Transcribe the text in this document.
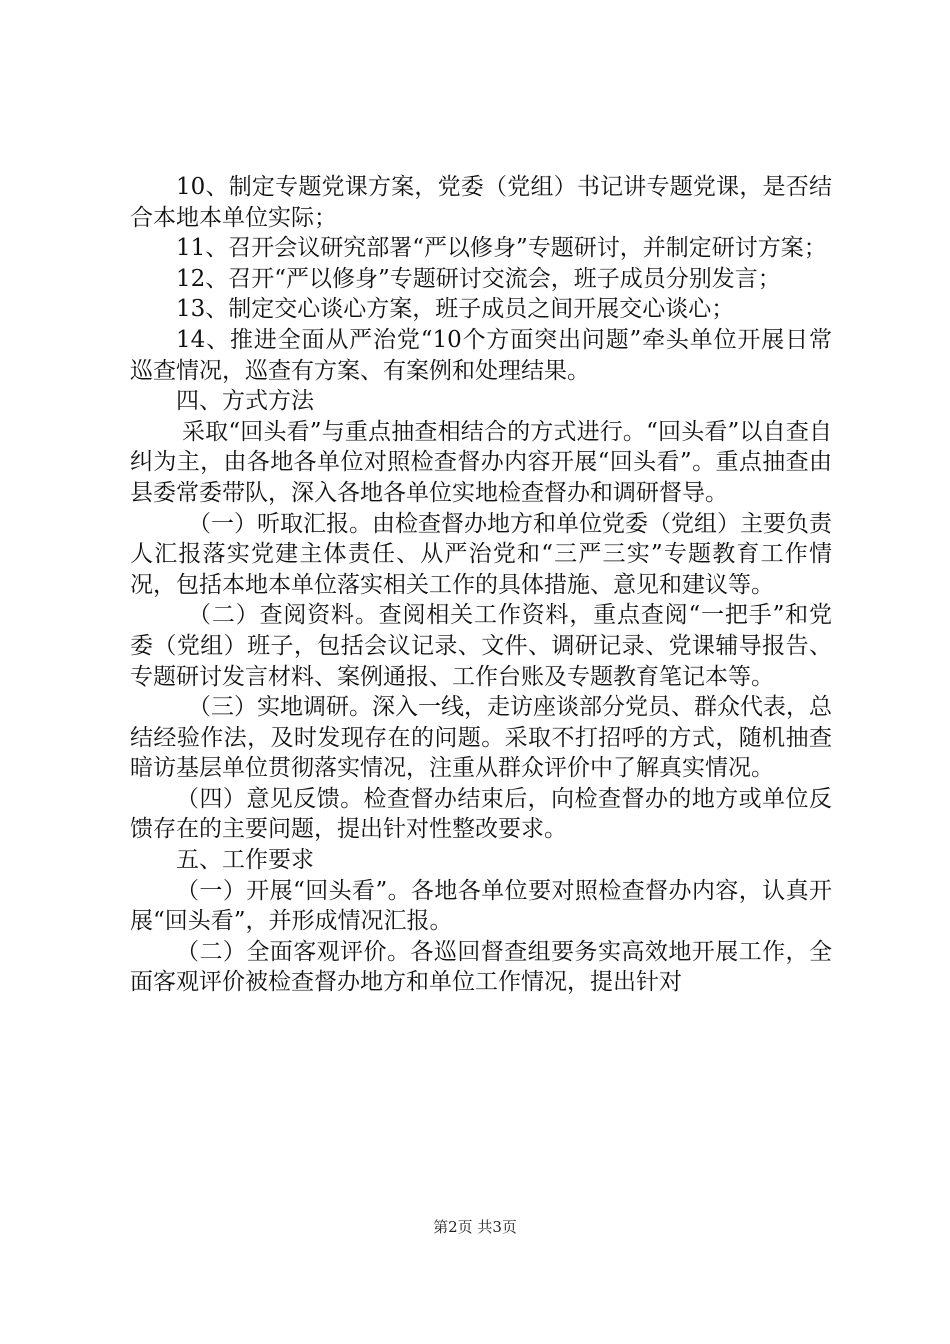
10、制定专题党课方案，党委（党组）书记讲专题党课，是否结合本地本单位实际；

11、召开会议研究部署“严以修身”专题研讨，并制定研讨方案；

12、召开“严以修身”专题研讨交流会，班子成员分别发言；

13、制定交心谈心方案，班子成员之间开展交心谈心；

14、推进全面从严治党“10个方面突出问题”牵头单位开展日常巡查情况，巡查有方案、有案例和处理结果。

四、方式方法

采取“回头看”与重点抽查相结合的方式进行。“回头看”以自查自纠为主，由各地各单位对照检查督办内容开展“回头看”。重点抽查由县委常委带队，深入各地各单位实地检查督办和调研督导。

（一）听取汇报。由检查督办地方和单位党委（党组）主要负责人汇报落实党建主体责任、从严治党和“三严三实”专题教育工作情况，包括本地本单位落实相关工作的具体措施、意见和建议等。

（二）查阅资料。查阅相关工作资料，重点查阅“一把手”和党委（党组）班子，包括会议记录、文件、调研记录、党课辅导报告、专题研讨发言材料、案例通报、工作台账及专题教育笔记本等。

（三）实地调研。深入一线，走访座谈部分党员、群众代表，总结经验作法，及时发现存在的问题。采取不打招呼的方式，随机抽查暗访基层单位贯彻落实情况，注重从群众评价中了解真实情况。

（四）意见反馈。检查督办结束后，向检查督办的地方或单位反馈存在的主要问题，提出针对性整改要求。

五、工作要求

（一）开展“回头看”。各地各单位要对照检查督办内容，认真开展“回头看”，并形成情况汇报。

（二）全面客观评价。各巡回督查组要务实高效地开展工作，全面客观评价被检查督办地方和单位工作情况，提出针对

第2页 共3页
